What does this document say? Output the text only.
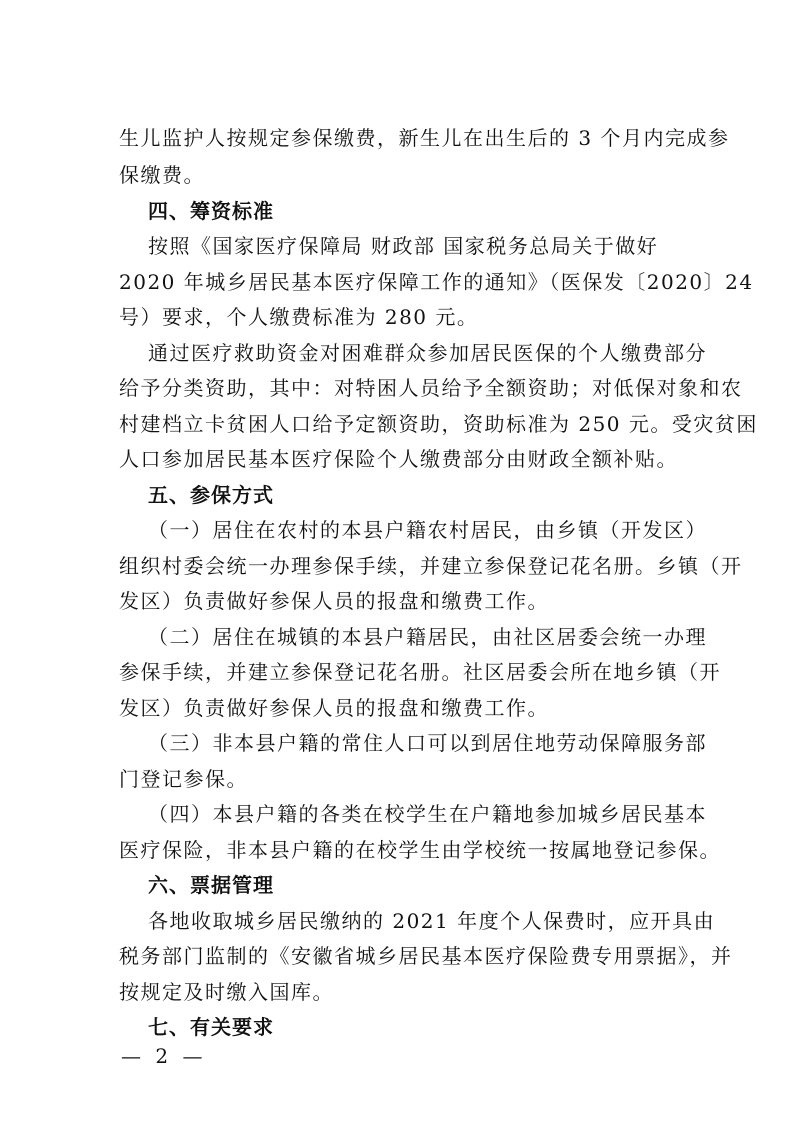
生儿监护人按规定参保缴费，新生儿在出生后的 3 个月内完成参
保缴费。
四、筹资标准
按照《国家医疗保障局 财政部 国家税务总局关于做好
2020 年城乡居民基本医疗保障工作的通知》（医保发〔2020〕24
号）要求，个人缴费标准为 280 元。
通过医疗救助资金对困难群众参加居民医保的个人缴费部分
给予分类资助，其中：对特困人员给予全额资助；对低保对象和农
村建档立卡贫困人口给予定额资助，资助标准为 250 元。受灾贫困
人口参加居民基本医疗保险个人缴费部分由财政全额补贴。
五、参保方式
（一）居住在农村的本县户籍农村居民，由乡镇（开发区）
组织村委会统一办理参保手续，并建立参保登记花名册。乡镇（开
发区）负责做好参保人员的报盘和缴费工作。
（二）居住在城镇的本县户籍居民，由社区居委会统一办理
参保手续，并建立参保登记花名册。社区居委会所在地乡镇（开
发区）负责做好参保人员的报盘和缴费工作。
（三）非本县户籍的常住人口可以到居住地劳动保障服务部
门登记参保。
（四）本县户籍的各类在校学生在户籍地参加城乡居民基本
医疗保险，非本县户籍的在校学生由学校统一按属地登记参保。
六、票据管理
各地收取城乡居民缴纳的 2021 年度个人保费时，应开具由
税务部门监制的《安徽省城乡居民基本医疗保险费专用票据》，并
按规定及时缴入国库。
七、有关要求
— 2 —
